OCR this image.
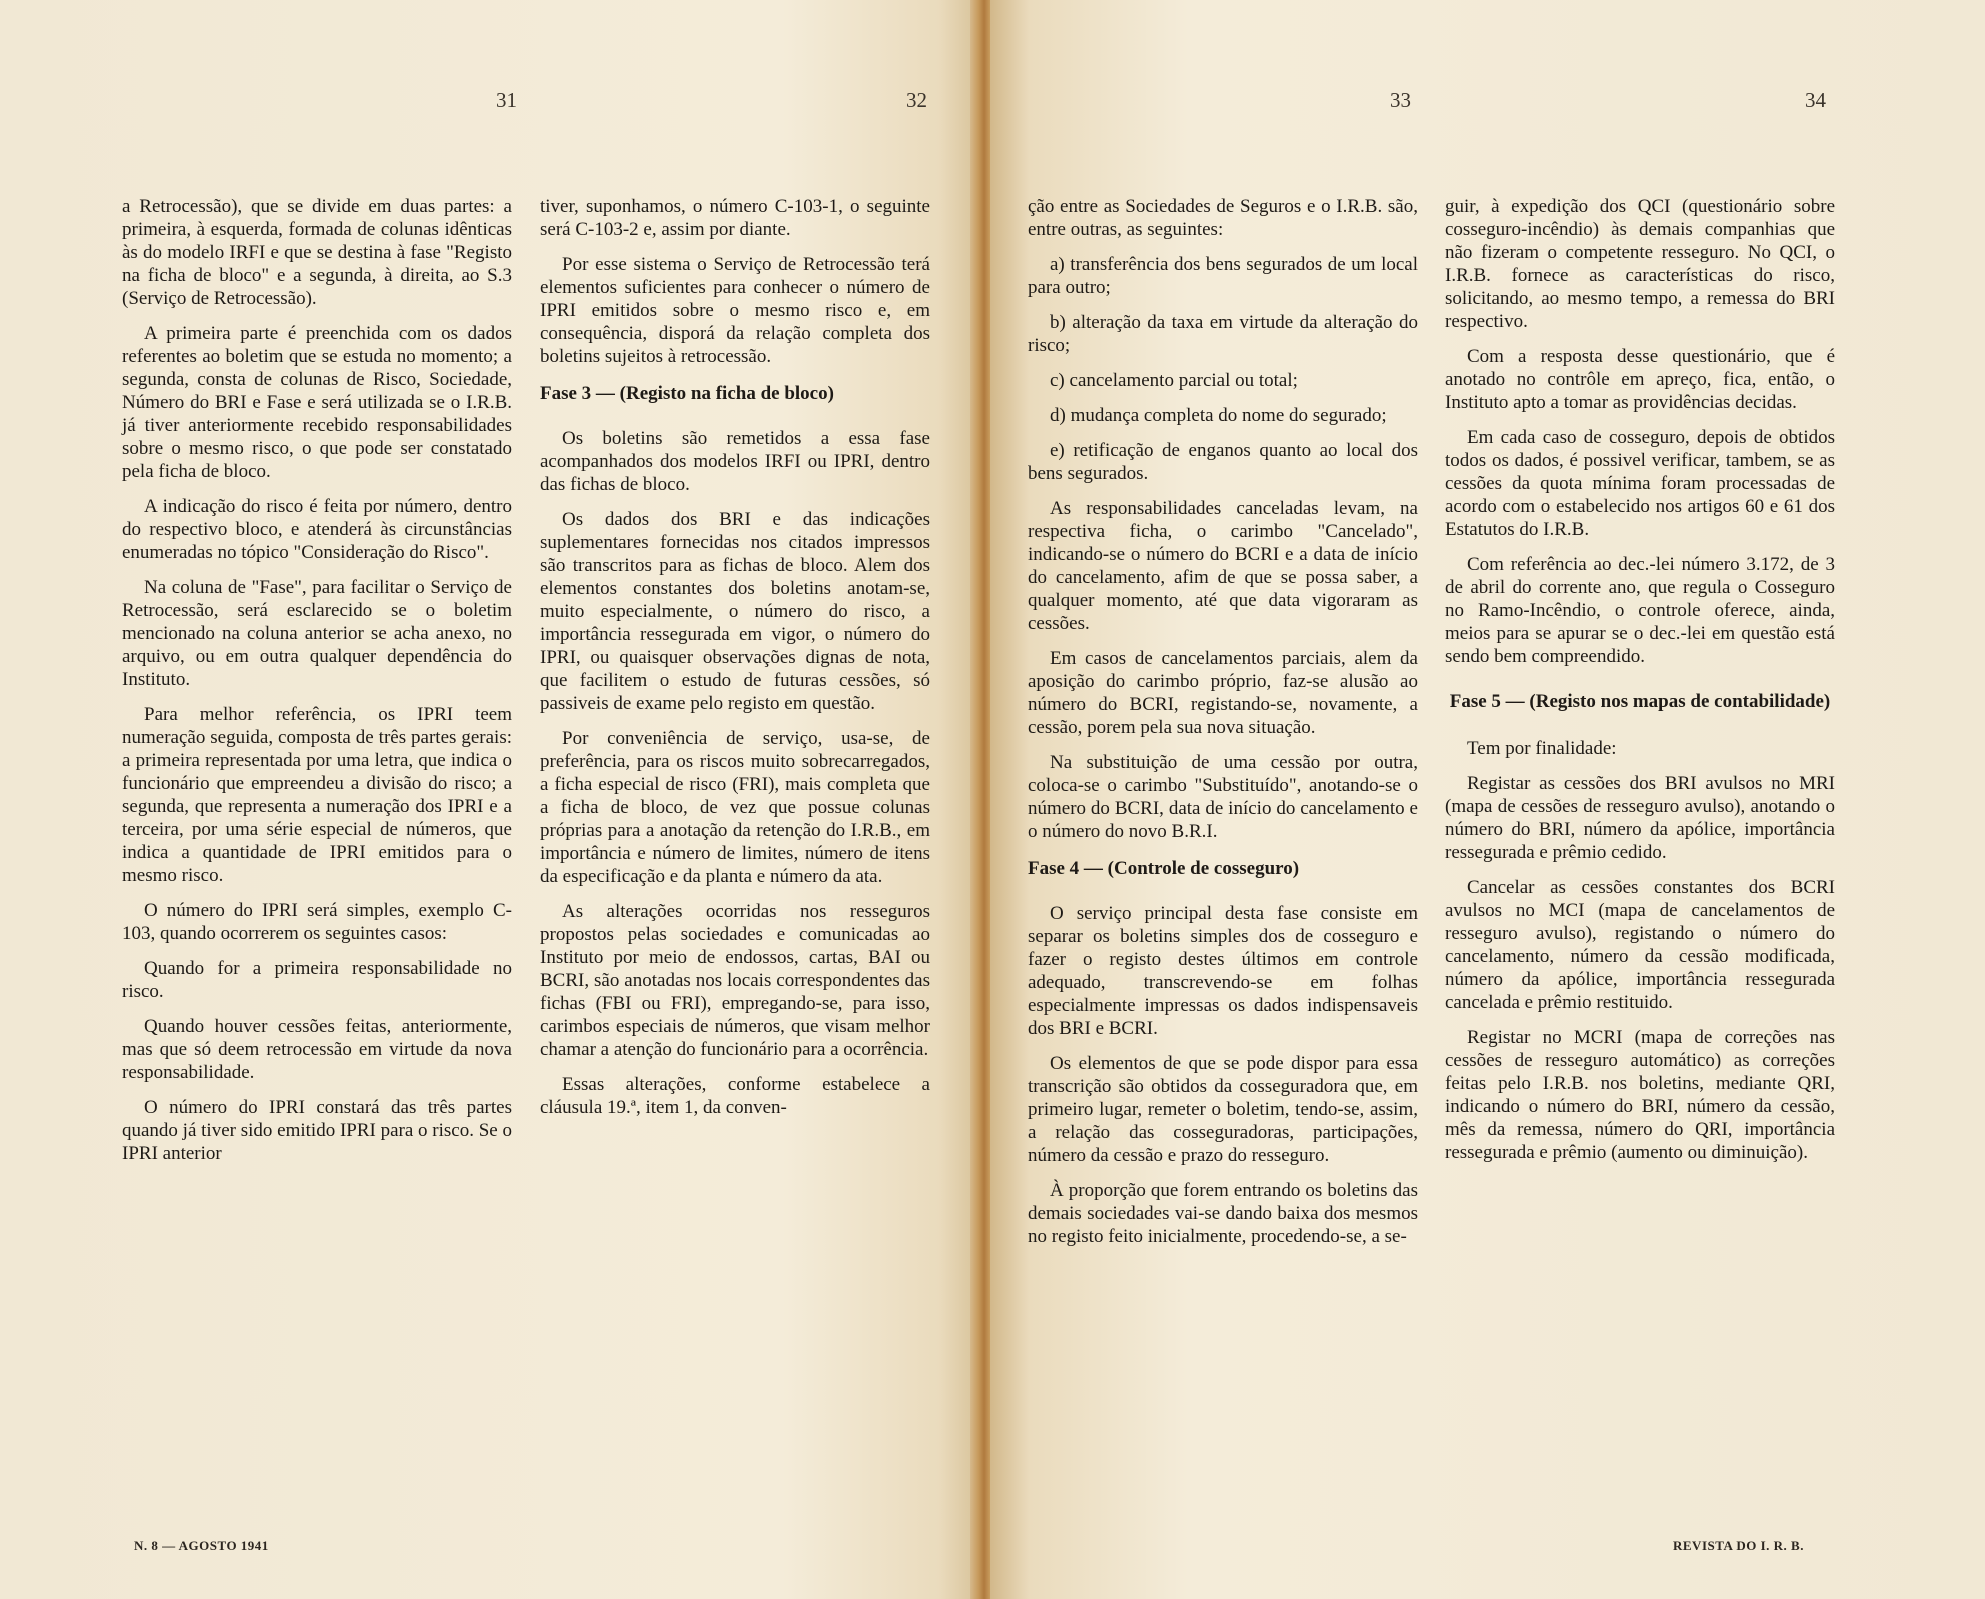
31	32

a Retrocessão), que se divide em duas partes: a primeira, à esquerda, formada de colunas idênticas às do modelo IRFI e que se destina à fase "Registo na ficha de bloco" e a segunda, à direita, ao S.3 (Serviço de Retrocessão).

A primeira parte é preenchida com os dados referentes ao boletim que se estuda no momento; a segunda, consta de colunas de Risco, Sociedade, Número do BRI e Fase e será utilizada se o I.R.B. já tiver anteriormente recebido responsabilidades sobre o mesmo risco, o que pode ser constatado pela ficha de bloco.

A indicação do risco é feita por número, dentro do respectivo bloco, e atenderá às circunstâncias enumeradas no tópico "Consideração do Risco".

Na coluna de "Fase", para facilitar o Serviço de Retrocessão, será esclarecido se o boletim mencionado na coluna anterior se acha anexo, no arquivo, ou em outra qualquer dependência do Instituto.

Para melhor referência, os IPRI teem numeração seguida, composta de três partes gerais: a primeira representada por uma letra, que indica o funcionário que empreendeu a divisão do risco; a segunda, que representa a numeração dos IPRI e a terceira, por uma série especial de números, que indica a quantidade de IPRI emitidos para o mesmo risco.

O número do IPRI será simples, exemplo C-103, quando ocorrerem os seguintes casos:

Quando for a primeira responsabilidade no risco.

Quando houver cessões feitas, anteriormente, mas que só deem retrocessão em virtude da nova responsabilidade.

O número do IPRI constará das três partes quando já tiver sido emitido IPRI para o risco. Se o IPRI anterior

tiver, suponhamos, o número C-103-1, o seguinte será C-103-2 e, assim por diante.

Por esse sistema o Serviço de Retrocessão terá elementos suficientes para conhecer o número de IPRI emitidos sobre o mesmo risco e, em consequência, disporá da relação completa dos boletins sujeitos à retrocessão.

Fase 3 — (Registo na ficha de bloco)

Os boletins são remetidos a essa fase acompanhados dos modelos IRFI ou IPRI, dentro das fichas de bloco.

Os dados dos BRI e das indicações suplementares fornecidas nos citados impressos são transcritos para as fichas de bloco. Alem dos elementos constantes dos boletins anotam-se, muito especialmente, o número do risco, a importância ressegurada em vigor, o número do IPRI, ou quaisquer observações dignas de nota, que facilitem o estudo de futuras cessões, só passiveis de exame pelo registo em questão.

Por conveniência de serviço, usa-se, de preferência, para os riscos muito sobrecarregados, a ficha especial de risco (FRI), mais completa que a ficha de bloco, de vez que possue colunas próprias para a anotação da retenção do I.R.B., em importância e número de limites, número de itens da especificação e da planta e número da ata.

As alterações ocorridas nos resseguros propostos pelas sociedades e comunicadas ao Instituto por meio de endossos, cartas, BAI ou BCRI, são anotadas nos locais correspondentes das fichas (FBI ou FRI), empregando-se, para isso, carimbos especiais de números, que visam melhor chamar a atenção do funcionário para a ocorrência.

Essas alterações, conforme estabelece a cláusula 19.ª, item 1, da conven-

N. 8 — AGOSTO 1941
33	34

ção entre as Sociedades de Seguros e o I.R.B. são, entre outras, as seguintes:

a) transferência dos bens segurados de um local para outro;

b) alteração da taxa em virtude da alteração do risco;

c) cancelamento parcial ou total;

d) mudança completa do nome do segurado;

e) retificação de enganos quanto ao local dos bens segurados.

As responsabilidades canceladas levam, na respectiva ficha, o carimbo "Cancelado", indicando-se o número do BCRI e a data de início do cancelamento, afim de que se possa saber, a qualquer momento, até que data vigoraram as cessões.

Em casos de cancelamentos parciais, alem da aposição do carimbo próprio, faz-se alusão ao número do BCRI, registando-se, novamente, a cessão, porem pela sua nova situação.

Na substituição de uma cessão por outra, coloca-se o carimbo "Substituído", anotando-se o número do BCRI, data de início do cancelamento e o número do novo B.R.I.

Fase 4 — (Controle de cosseguro)

O serviço principal desta fase consiste em separar os boletins simples dos de cosseguro e fazer o registo destes últimos em controle adequado, transcrevendo-se em folhas especialmente impressas os dados indispensaveis dos BRI e BCRI.

Os elementos de que se pode dispor para essa transcrição são obtidos da cosseguradora que, em primeiro lugar, remeter o boletim, tendo-se, assim, a relação das cosseguradoras, participações, número da cessão e prazo do resseguro.

À proporção que forem entrando os boletins das demais sociedades vai-se dando baixa dos mesmos no registo feito inicialmente, procedendo-se, a se-

guir, à expedição dos QCI (questionário sobre cosseguro-incêndio) às demais companhias que não fizeram o competente resseguro. No QCI, o I.R.B. fornece as características do risco, solicitando, ao mesmo tempo, a remessa do BRI respectivo.

Com a resposta desse questionário, que é anotado no contrôle em apreço, fica, então, o Instituto apto a tomar as providências decidas.

Em cada caso de cosseguro, depois de obtidos todos os dados, é possivel verificar, tambem, se as cessões da quota mínima foram processadas de acordo com o estabelecido nos artigos 60 e 61 dos Estatutos do I.R.B.

Com referência ao dec.-lei número 3.172, de 3 de abril do corrente ano, que regula o Cosseguro no Ramo-Incêndio, o controle oferece, ainda, meios para se apurar se o dec.-lei em questão está sendo bem compreendido.

Fase 5 — (Registo nos mapas de contabilidade)

Tem por finalidade:

Registar as cessões dos BRI avulsos no MRI (mapa de cessões de resseguro avulso), anotando o número do BRI, número da apólice, importância ressegurada e prêmio cedido.

Cancelar as cessões constantes dos BCRI avulsos no MCI (mapa de cancelamentos de resseguro avulso), registando o número do cancelamento, número da cessão modificada, número da apólice, importância ressegurada cancelada e prêmio restituido.

Registar no MCRI (mapa de correções nas cessões de resseguro automático) as correções feitas pelo I.R.B. nos boletins, mediante QRI, indicando o número do BRI, número da cessão, mês da remessa, número do QRI, importância ressegurada e prêmio (aumento ou diminuição).

REVISTA DO I. R. B.
